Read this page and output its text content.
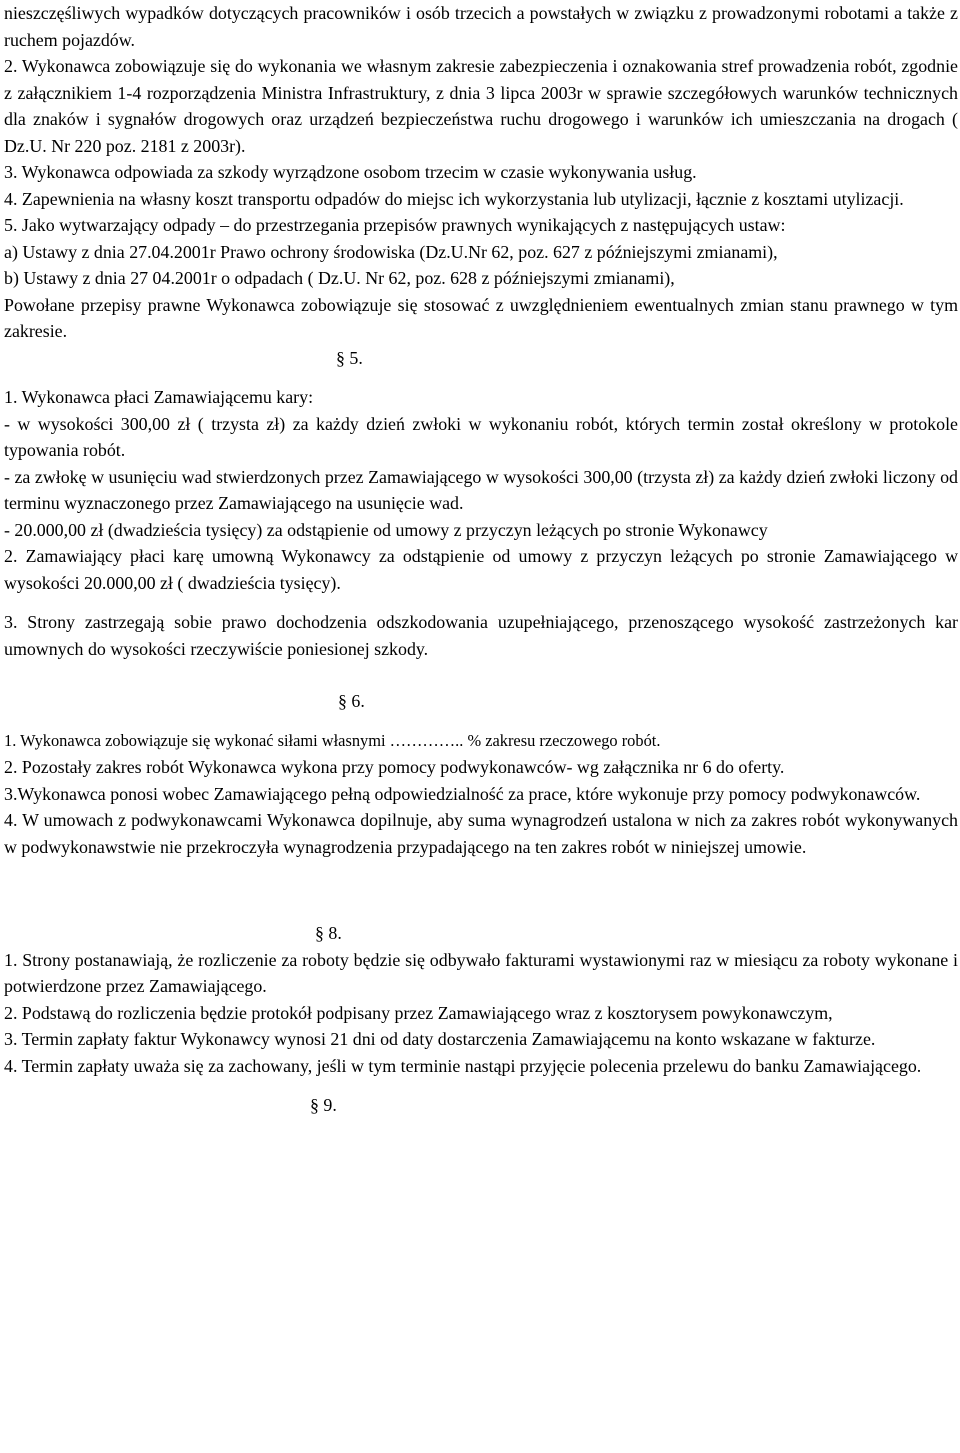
nieszczęśliwych wypadków dotyczących pracowników i osób trzecich a powstałych w związku z prowadzonymi robotami a także z ruchem pojazdów.

2. Wykonawca zobowiązuje się do wykonania we własnym zakresie zabezpieczenia i oznakowania stref prowadzenia robót, zgodnie z załącznikiem 1-4 rozporządzenia Ministra Infrastruktury, z dnia 3 lipca 2003r w sprawie szczegółowych warunków technicznych dla znaków i sygnałów drogowych oraz urządzeń bezpieczeństwa ruchu drogowego i warunków ich umieszczania na drogach ( Dz.U. Nr 220 poz. 2181 z 2003r).

3. Wykonawca odpowiada za szkody wyrządzone osobom trzecim w czasie wykonywania usług.

4. Zapewnienia na własny koszt transportu odpadów do miejsc ich wykorzystania lub utylizacji, łącznie z kosztami utylizacji.

5. Jako wytwarzający odpady – do przestrzegania przepisów prawnych wynikających z następujących ustaw:

a) Ustawy z dnia 27.04.2001r Prawo ochrony środowiska (Dz.U.Nr 62, poz. 627 z późniejszymi zmianami),

b) Ustawy z dnia 27 04.2001r o odpadach ( Dz.U. Nr 62, poz. 628 z późniejszymi zmianami),

Powołane przepisy prawne Wykonawca zobowiązuje się stosować z uwzględnieniem ewentualnych zmian stanu prawnego w tym zakresie.

§ 5.

1. Wykonawca płaci Zamawiającemu kary:

- w wysokości 300,00 zł ( trzysta zł) za każdy dzień zwłoki w wykonaniu robót, których termin został określony w protokole typowania robót.

- za zwłokę w usunięciu wad stwierdzonych przez Zamawiającego w wysokości 300,00 (trzysta zł) za każdy dzień zwłoki liczony od terminu wyznaczonego przez Zamawiającego na usunięcie wad.

- 20.000,00 zł (dwadzieścia tysięcy) za odstąpienie od umowy z przyczyn leżących po stronie Wykonawcy

2. Zamawiający płaci karę umowną Wykonawcy za odstąpienie od umowy z przyczyn leżących po stronie Zamawiającego w wysokości 20.000,00 zł ( dwadzieścia tysięcy).

3. Strony zastrzegają sobie prawo dochodzenia odszkodowania uzupełniającego, przenoszącego wysokość zastrzeżonych kar umownych do wysokości rzeczywiście poniesionej szkody.

§ 6.

1. Wykonawca zobowiązuje się wykonać siłami własnymi ………….. % zakresu rzeczowego robót.

2. Pozostały zakres robót Wykonawca wykona przy pomocy podwykonawców- wg załącznika nr 6 do oferty.

3.Wykonawca ponosi wobec Zamawiającego pełną odpowiedzialność za prace, które wykonuje przy pomocy podwykonawców.

4. W umowach z podwykonawcami Wykonawca dopilnuje, aby suma wynagrodzeń ustalona w nich za zakres robót wykonywanych w podwykonawstwie nie przekroczyła wynagrodzenia przypadającego na ten zakres robót w niniejszej umowie.

§ 8.

1. Strony postanawiają, że rozliczenie za roboty będzie się odbywało fakturami wystawionymi raz w miesiącu za roboty wykonane i potwierdzone przez Zamawiającego.

2. Podstawą do rozliczenia będzie protokół podpisany przez Zamawiającego wraz z kosztorysem powykonawczym,

3. Termin zapłaty faktur Wykonawcy wynosi 21 dni od daty dostarczenia Zamawiającemu na konto wskazane w fakturze.

4. Termin zapłaty uważa się za zachowany, jeśli w tym terminie nastąpi przyjęcie polecenia przelewu do banku Zamawiającego.

§ 9.
